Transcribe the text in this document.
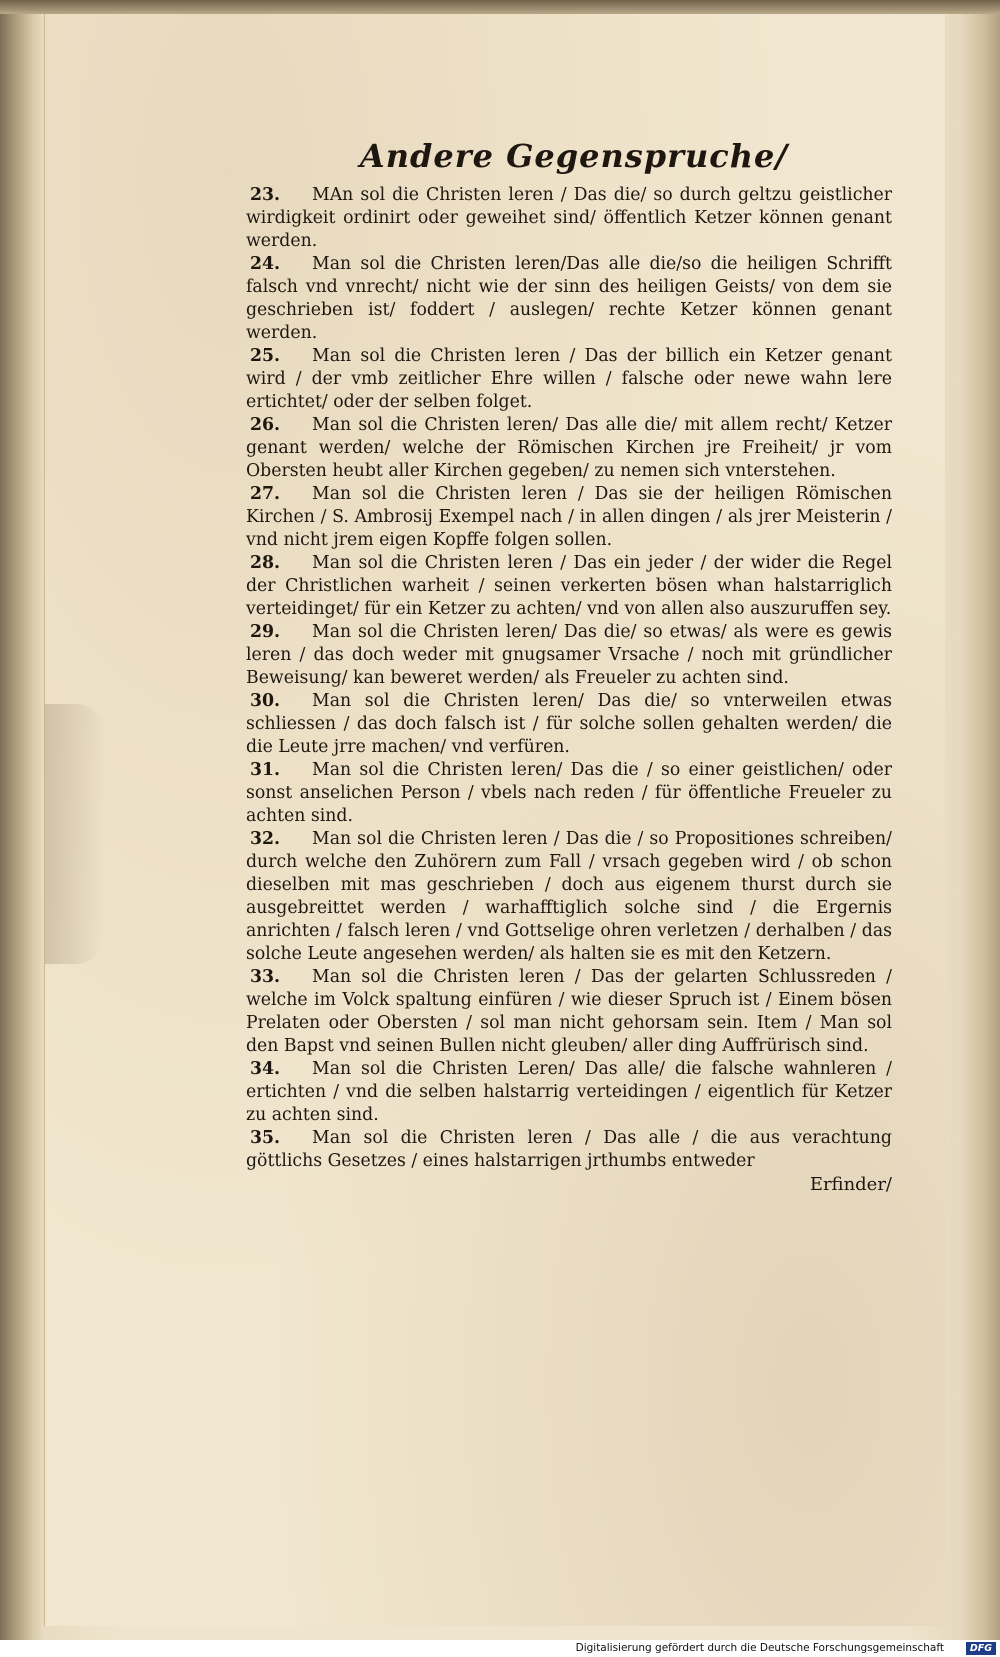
Andere Gegenspruche/
23. MAn sol die Christen leren / Das die/ so durch geltzu geistlicher wirdigkeit ordinirt oder geweihet sind/ öffentlich Ketzer können genant werden.
24. Man sol die Christen leren/Das alle die/so die heiligen Schrifft falsch vnd vnrecht/ nicht wie der sinn des heiligen Geists/ von dem sie geschrieben ist/ foddert / auslegen/ rechte Ketzer können genant werden.
25. Man sol die Christen leren / Das der billich ein Ketzer genant wird / der vmb zeitlicher Ehre willen / falsche oder newe wahn lere ertichtet/ oder der selben folget.
26. Man sol die Christen leren/ Das alle die/ mit allem recht/ Ketzer genant werden/ welche der Römischen Kirchen jre Freiheit/ jr vom Obersten heubt aller Kirchen gegeben/ zu nemen sich vnterstehen.
27. Man sol die Christen leren / Das sie der heiligen Römischen Kirchen / S. Ambrosij Exempel nach / in allen dingen / als jrer Meisterin / vnd nicht jrem eigen Kopffe folgen sollen.
28. Man sol die Christen leren / Das ein jeder / der wider die Regel der Christlichen warheit / seinen verkerten bösen whan halstarriglich verteidinget/ für ein Ketzer zu achten/ vnd von allen also auszuruffen sey.
29. Man sol die Christen leren/ Das die/ so etwas/ als were es gewis leren / das doch weder mit gnugsamer Vrsache / noch mit gründlicher Beweisung/ kan beweret werden/ als Freueler zu achten sind.
30. Man sol die Christen leren/ Das die/ so vnterweilen etwas schliessen / das doch falsch ist / für solche sollen gehalten werden/ die die Leute jrre machen/ vnd verfüren.
31. Man sol die Christen leren/ Das die / so einer geistlichen/ oder sonst anselichen Person / vbels nach reden / für öffentliche Freueler zu achten sind.
32. Man sol die Christen leren / Das die / so Propositiones schreiben/ durch welche den Zuhörern zum Fall / vrsach gegeben wird / ob schon dieselben mit mas geschrieben / doch aus eigenem thurst durch sie ausgebreittet werden / warhafftiglich solche sind / die Ergernis anrichten / falsch leren / vnd Gottselige ohren verletzen / derhalben / das solche Leute angesehen werden/ als halten sie es mit den Ketzern.
33. Man sol die Christen leren / Das der gelarten Schlussreden / welche im Volck spaltung einfüren / wie dieser Spruch ist / Einem bösen Prelaten oder Obersten / sol man nicht gehorsam sein. Item / Man sol den Bapst vnd seinen Bullen nicht gleuben/ aller ding Auffrürisch sind.
34. Man sol die Christen Leren/ Das alle/ die falsche wahnleren / ertichten / vnd die selben halstarrig verteidingen / eigentlich für Ketzer zu achten sind.
35. Man sol die Christen leren / Das alle / die aus verachtung göttlichs Gesetzes / eines halstarrigen jrthumbs entweder
Erfinder/
Digitalisierung gefördert durch die Deutsche Forschungsgemeinschaft	DFG
